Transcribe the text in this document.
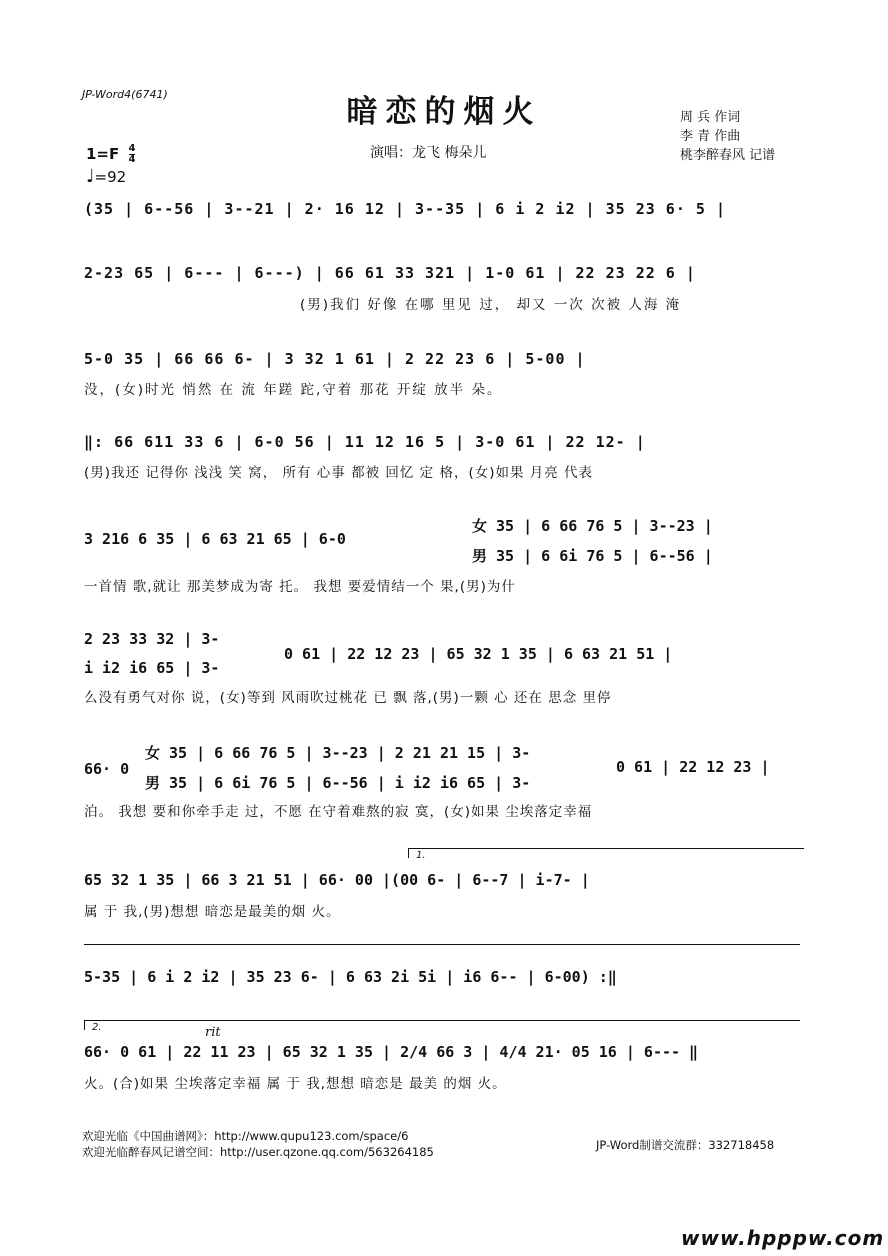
JP-Word4(6741)	暗恋的烟火
演唱：龙飞 梅朵儿
周 兵 作词
李 青 作曲
桃李醉春风 记谱
$1=F \frac{4}{4}$
♩=92
(35 | 6--56 | 3--21 | 2· 16 12 | 3--35 | 6 i 2 i2 | 35 23 6· 5 |
2-23 65 | 6--- | 6---) | 66 61 33 321 | 1-0 61 | 22 23 22 6 |
(男)我们 好像 在哪 里见 过， 却又 一次 次被 人海 淹
5-0 35 | 66 66 6- | 3 32 1 61 | 2 22 23 6 | 5-00 |
没，(女)时光 悄然 在 流 年蹉 跎,守着 那花 开绽 放半 朵。
‖: 66 611 33 6 | 6-0 56 | 11 12 16 5 | 3-0 61 | 22 12- |
(男)我还 记得你 浅浅 笑 窝， 所有 心事 都被 回忆 定 格，(女)如果 月亮 代表
3 216 6 35 | 6 63 21 65 | 6-0
女 35 | 6 66 76 5 | 3--23 |
男 35 | 6 6i 76 5 | 6--56 |
一首情 歌,就让 那美梦成为寄 托。 我想 要爱情结一个 果,(男)为什
2 23 33 32 | 3-
i i2 i6 65 | 3-
0 61 | 22 12 23 | 65 32 1 35 | 6 63 21 51 |
么没有勇气对你 说，(女)等到 风雨吹过桃花 已 飘 落,(男)一颗 心 还在 思念 里停
66· 0
女 35 | 6 66 76 5 | 3--23 | 2 21 21 15 | 3-
男 35 | 6 6i 76 5 | 6--56 | i i2 i6 65 | 3-
0 61 | 22 12 23 |
泊。 我想 要和你牵手走 过，不愿 在守着难熬的寂 寞，(女)如果 尘埃落定幸福
1.
65 32 1 35 | 66 3 21 51 | 66· 00 |(00 6- | 6--7 | i-7- |
属 于 我,(男)想想 暗恋是最美的烟 火。
5-35 | 6 i 2 i2 | 35 23 6- | 6 63 2i 5i | i6 6-- | 6-00) :‖
2.	rit
66· 0 61 | 22 11 23 | 65 32 1 35 | 2/4 66 3 | 4/4 21· 05 16 | 6--- ‖
火。(合)如果 尘埃落定幸福 属 于 我,想想 暗恋是 最美 的烟 火。
欢迎光临《中国曲谱网》：http://www.qupu123.com/space/6
欢迎光临醉春风记谱空间：http://user.qzone.qq.com/563264185	JP-Word制谱交流群：332718458
www.hpppw.com
